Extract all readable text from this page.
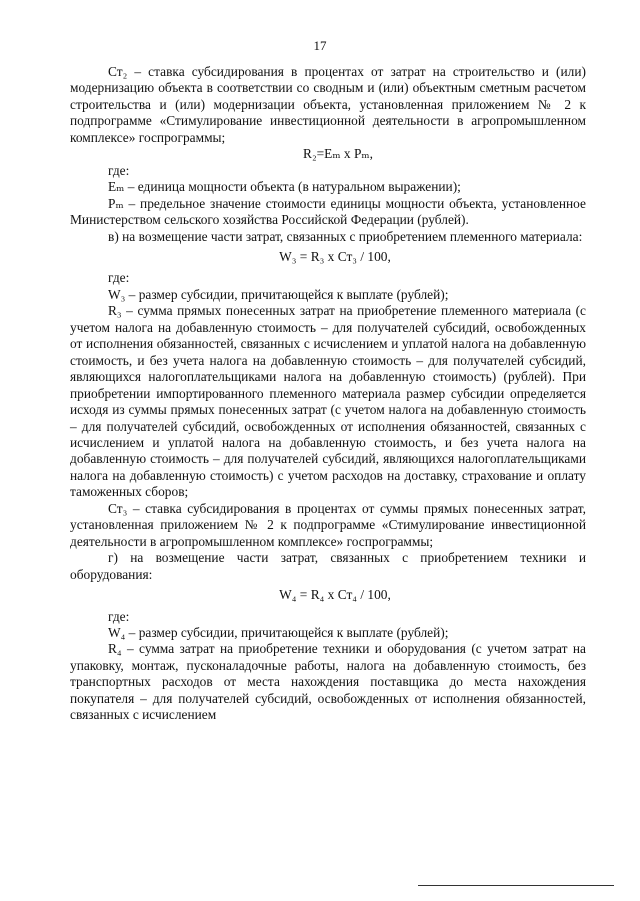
17

Ст₂ – ставка субсидирования в процентах от затрат на строительство и (или) модернизацию объекта в соответствии со сводным и (или) объектным сметным расчетом строительства и (или) модернизации объекта, установленная приложением № 2 к подпрограмме «Стимулирование инвестиционной деятельности в агропромышленном комплексе» госпрограммы;

R₂=Eₘ x Pₘ,

где:

Eₘ – единица мощности объекта (в натуральном выражении);

Pₘ – предельное значение стоимости единицы мощности объекта, установленное Министерством сельского хозяйства Российской Федерации (рублей).

в) на возмещение части затрат, связанных с приобретением племенного материала:

W₃ = R₃ x Ст₃ / 100,

где:

W₃ – размер субсидии, причитающейся к выплате (рублей);

R₃ – сумма прямых понесенных затрат на приобретение племенного материала (с учетом налога на добавленную стоимость – для получателей субсидий, освобожденных от исполнения обязанностей, связанных с исчислением и уплатой налога на добавленную стоимость, и без учета налога на добавленную стоимость – для получателей субсидий, являющихся налогоплательщиками налога на добавленную стоимость) (рублей). При приобретении импортированного племенного материала размер субсидии определяется исходя из суммы прямых понесенных затрат (с учетом налога на добавленную стоимость – для получателей субсидий, освобожденных от исполнения обязанностей, связанных с исчислением и уплатой налога на добавленную стоимость, и без учета налога на добавленную стоимость – для получателей субсидий, являющихся налогоплательщиками налога на добавленную стоимость) с учетом расходов на доставку, страхование и оплату таможенных сборов;

Ст₃ – ставка субсидирования в процентах от суммы прямых понесенных затрат, установленная приложением № 2 к подпрограмме «Стимулирование инвестиционной деятельности в агропромышленном комплексе» госпрограммы;

г) на возмещение части затрат, связанных с приобретением техники и оборудования:

W₄ = R₄ x Ст₄ / 100,

где:

W₄ – размер субсидии, причитающейся к выплате (рублей);

R₄ – сумма затрат на приобретение техники и оборудования (с учетом затрат на упаковку, монтаж, пусконаладочные работы, налога на добавленную стоимость, без транспортных расходов от места нахождения поставщика до места нахождения покупателя – для получателей субсидий, освобожденных от исполнения обязанностей, связанных с исчислением
